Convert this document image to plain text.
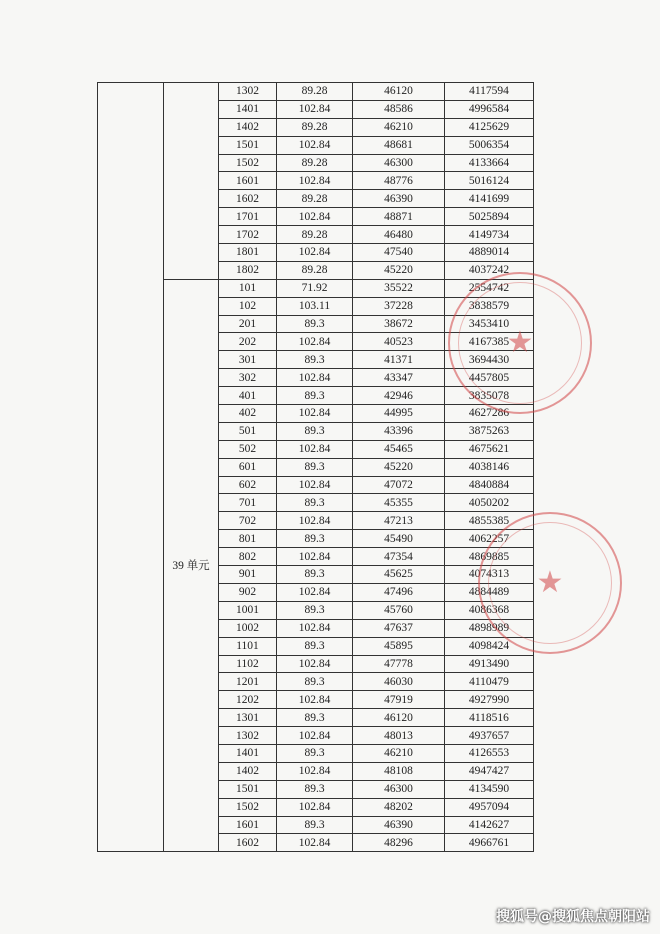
		1302	89.28	46120	4117594
		1401	102.84	48586	4996584
		1402	89.28	46210	4125629
		1501	102.84	48681	5006354
		1502	89.28	46300	4133664
		1601	102.84	48776	5016124
		1602	89.28	46390	4141699
		1701	102.84	48871	5025894
		1702	89.28	46480	4149734
		1801	102.84	47540	4889014
		1802	89.28	45220	4037242
	39 单元	101	71.92	35522	2554742
		102	103.11	37228	3838579
		201	89.3	38672	3453410
		202	102.84	40523	4167385
		301	89.3	41371	3694430
		302	102.84	43347	4457805
		401	89.3	42946	3835078
		402	102.84	44995	4627286
		501	89.3	43396	3875263
		502	102.84	45465	4675621
		601	89.3	45220	4038146
		602	102.84	47072	4840884
		701	89.3	45355	4050202
		702	102.84	47213	4855385
		801	89.3	45490	4062257
		802	102.84	47354	4869885
		901	89.3	45625	4074313
		902	102.84	47496	4884489
		1001	89.3	45760	4086368
		1002	102.84	47637	4898989
		1101	89.3	45895	4098424
		1102	102.84	47778	4913490
		1201	89.3	46030	4110479
		1202	102.84	47919	4927990
		1301	89.3	46120	4118516
		1302	102.84	48013	4937657
		1401	89.3	46210	4126553
		1402	102.84	48108	4947427
		1501	89.3	46300	4134590
		1502	102.84	48202	4957094
		1601	89.3	46390	4142627
		1602	102.84	48296	4966761
★
★
搜狐号@搜狐焦点朝阳站
